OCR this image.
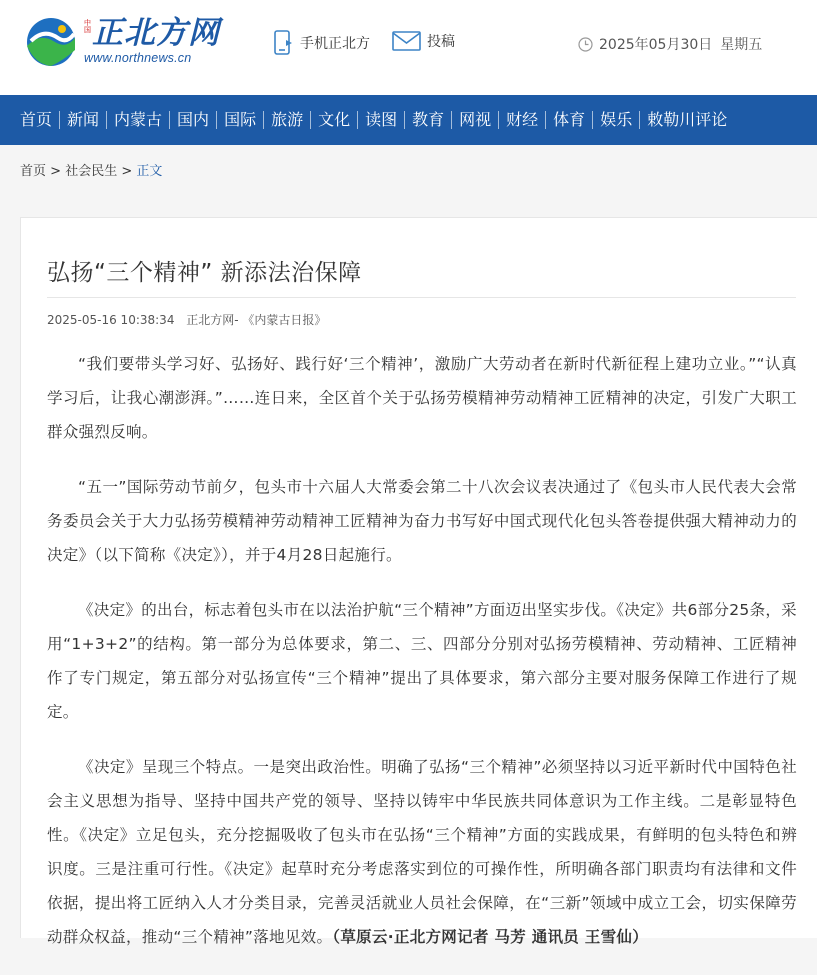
中国 正北方网
www.northnews.cn
手机正北方	投稿	2025年05月30日 星期五
首页 新闻 内蒙古 国内 国际 旅游 文化 读图 教育 网视 财经 体育 娱乐 敕勒川评论
首页 > 社会民生 > 正文
弘扬“三个精神” 新添法治保障
2025-05-16 10:38:34 正北方网- 《内蒙古日报》

“我们要带头学习好、弘扬好、践行好‘三个精神’，激励广大劳动者在新时代新征程上建功立业。”“认真学习后，让我心潮澎湃。”……连日来，全区首个关于弘扬劳模精神劳动精神工匠精神的决定，引发广大职工群众强烈反响。

“五一”国际劳动节前夕，包头市十六届人大常委会第二十八次会议表决通过了《包头市人民代表大会常务委员会关于大力弘扬劳模精神劳动精神工匠精神为奋力书写好中国式现代化包头答卷提供强大精神动力的决定》（以下简称《决定》），并于4月28日起施行。

《决定》的出台，标志着包头市在以法治护航“三个精神”方面迈出坚实步伐。《决定》共6部分25条，采用“1+3+2”的结构。第一部分为总体要求，第二、三、四部分分别对弘扬劳模精神、劳动精神、工匠精神作了专门规定，第五部分对弘扬宣传“三个精神”提出了具体要求，第六部分主要对服务保障工作进行了规定。

《决定》呈现三个特点。一是突出政治性。明确了弘扬“三个精神”必须坚持以习近平新时代中国特色社会主义思想为指导、坚持中国共产党的领导、坚持以铸牢中华民族共同体意识为工作主线。二是彰显特色性。《决定》立足包头，充分挖掘吸收了包头市在弘扬“三个精神”方面的实践成果，有鲜明的包头特色和辨识度。三是注重可行性。《决定》起草时充分考虑落实到位的可操作性，所明确各部门职责均有法律和文件依据，提出将工匠纳入人才分类目录，完善灵活就业人员社会保障，在“三新”领域中成立工会，切实保障劳动群众权益，推动“三个精神”落地见效。（草原云·正北方网记者 马芳 通讯员 王雪仙）
